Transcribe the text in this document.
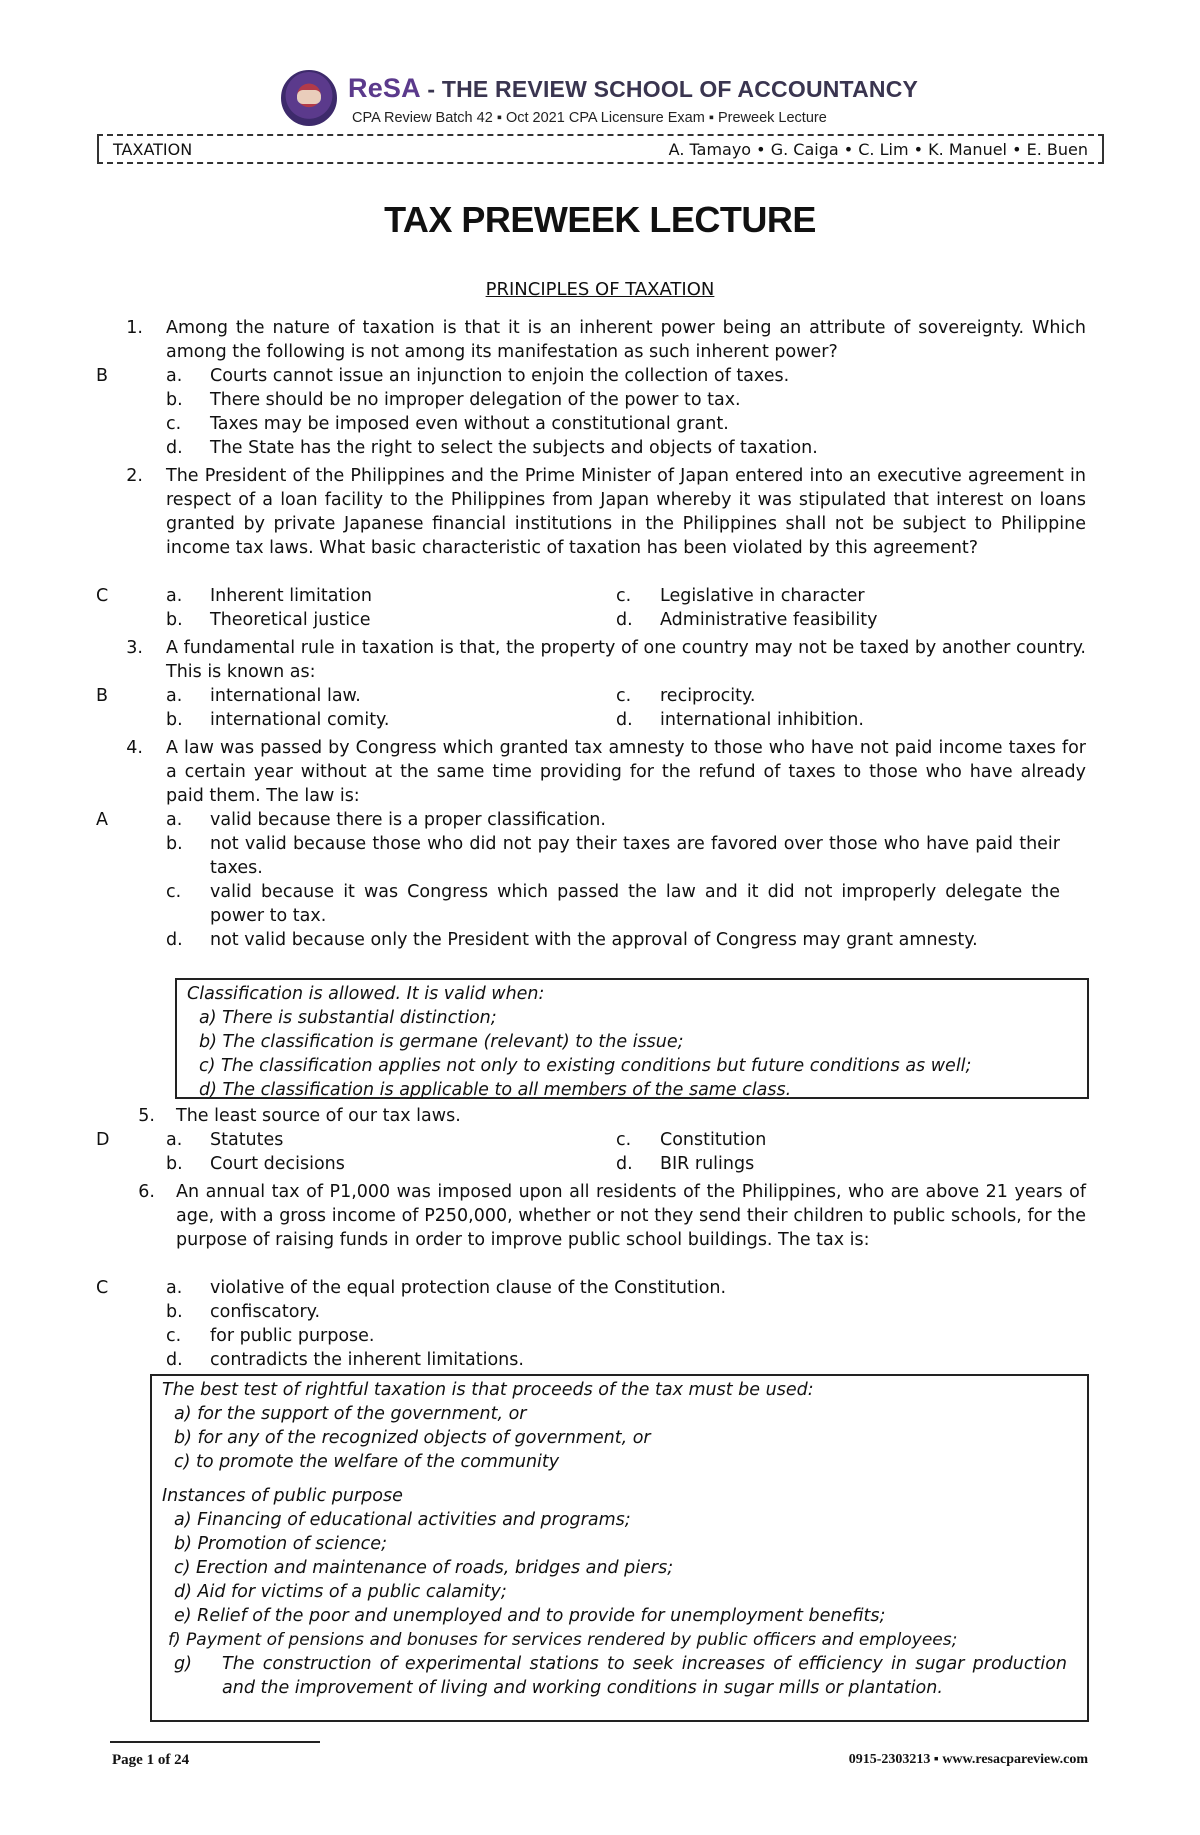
ReSA - THE REVIEW SCHOOL OF ACCOUNTANCY
CPA Review Batch 42 ▪ Oct 2021 CPA Licensure Exam ▪ Preweek Lecture
TAXATION	A. Tamayo • G. Caiga • C. Lim • K. Manuel • E. Buen
TAX PREWEEK LECTURE
PRINCIPLES OF TAXATION
1. Among the nature of taxation is that it is an inherent power being an attribute of sovereignty. Which among the following is not among its manifestation as such inherent power?
B	a. Courts cannot issue an injunction to enjoin the collection of taxes.
b. There should be no improper delegation of the power to tax.
c. Taxes may be imposed even without a constitutional grant.
d. The State has the right to select the subjects and objects of taxation.
2. The President of the Philippines and the Prime Minister of Japan entered into an executive agreement in respect of a loan facility to the Philippines from Japan whereby it was stipulated that interest on loans granted by private Japanese financial institutions in the Philippines shall not be subject to Philippine income tax laws. What basic characteristic of taxation has been violated by this agreement?
C	a. Inherent limitation
b. Theoretical justice
c. Legislative in character
d. Administrative feasibility
3. A fundamental rule in taxation is that, the property of one country may not be taxed by another country. This is known as:
B	a. international law.
b. international comity.
c. reciprocity.
d. international inhibition.
4. A law was passed by Congress which granted tax amnesty to those who have not paid income taxes for a certain year without at the same time providing for the refund of taxes to those who have already paid them. The law is:
A	a. valid because there is a proper classification.
b. not valid because those who did not pay their taxes are favored over those who have paid their taxes.
c. valid because it was Congress which passed the law and it did not improperly delegate the power to tax.
d. not valid because only the President with the approval of Congress may grant amnesty.
Classification is allowed. It is valid when:
a) There is substantial distinction;
b) The classification is germane (relevant) to the issue;
c) The classification applies not only to existing conditions but future conditions as well;
d) The classification is applicable to all members of the same class.
5. The least source of our tax laws.
D	a. Statutes
b. Court decisions
c. Constitution
d. BIR rulings
6. An annual tax of P1,000 was imposed upon all residents of the Philippines, who are above 21 years of age, with a gross income of P250,000, whether or not they send their children to public schools, for the purpose of raising funds in order to improve public school buildings. The tax is:
C	a. violative of the equal protection clause of the Constitution.
b. confiscatory.
c. for public purpose.
d. contradicts the inherent limitations.
The best test of rightful taxation is that proceeds of the tax must be used:
a) for the support of the government, or
b) for any of the recognized objects of government, or
c) to promote the welfare of the community
Instances of public purpose
a) Financing of educational activities and programs;
b) Promotion of science;
c) Erection and maintenance of roads, bridges and piers;
d) Aid for victims of a public calamity;
e) Relief of the poor and unemployed and to provide for unemployment benefits;
f) Payment of pensions and bonuses for services rendered by public officers and employees;
g)	The construction of experimental stations to seek increases of efficiency in sugar production and the improvement of living and working conditions in sugar mills or plantation.
Page 1 of 24	0915-2303213 ▪ www.resacpareview.com
